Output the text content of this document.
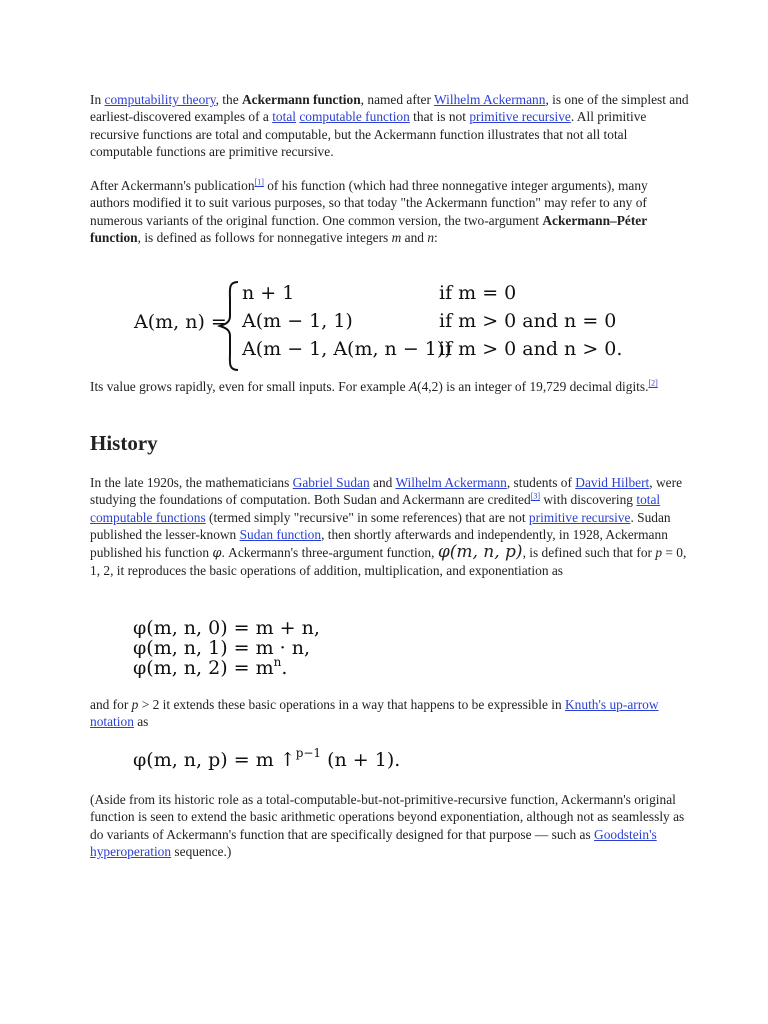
In computability theory, the Ackermann function, named after Wilhelm Ackermann, is one of the simplest and earliest-discovered examples of a total computable function that is not primitive recursive. All primitive recursive functions are total and computable, but the Ackermann function illustrates that not all total computable functions are primitive recursive.

After Ackermann's publication[1] of his function (which had three nonnegative integer arguments), many authors modified it to suit various purposes, so that today "the Ackermann function" may refer to any of numerous variants of the original function. One common version, the two-argument Ackermann–Péter function, is defined as follows for nonnegative integers m and n:

A(m, n) =
n + 1	if m = 0
A(m − 1, 1)	if m > 0 and n = 0
A(m − 1, A(m, n − 1))
if m > 0 and n > 0.
φ(m, n, 0) = m + n,
φ(m, n, 1) = m · n,
φ(m, n, $2) = m^n$.
φ(m, n, p) = m ↑$^{p-1}$ (n + 1).

Its value grows rapidly, even for small inputs. For example A(4,2) is an integer of 19,729 decimal digits.[2]

History

In the late 1920s, the mathematicians Gabriel Sudan and Wilhelm Ackermann, students of David Hilbert, were studying the foundations of computation. Both Sudan and Ackermann are credited[3] with discovering total computable functions (termed simply "recursive" in some references) that are not primitive recursive. Sudan published the lesser-known Sudan function, then shortly afterwards and independently, in 1928, Ackermann published his function φ. Ackermann's three-argument function, φ(m, n, p), is defined such that for p = 0, 1, 2, it reproduces the basic operations of addition, multiplication, and exponentiation as

and for p > 2 it extends these basic operations in a way that happens to be expressible in Knuth's up-arrow notation as

(Aside from its historic role as a total-computable-but-not-primitive-recursive function, Ackermann's original function is seen to extend the basic arithmetic operations beyond exponentiation, although not as seamlessly as do variants of Ackermann's function that are specifically designed for that purpose — such as Goodstein's hyperoperation sequence.)
